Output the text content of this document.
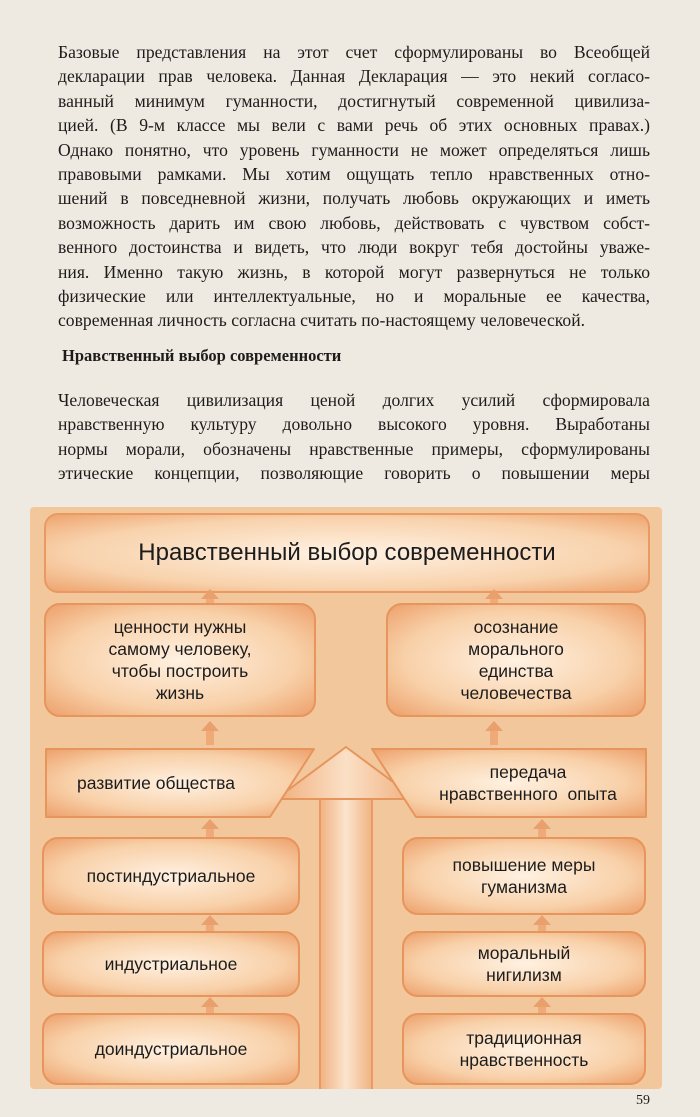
Базовые представления на этот счет сформулированы во Всеобщей
декларации прав человека. Данная Декларация — это некий согласо-
ванный минимум гуманности, достигнутый современной цивилиза-
цией. (В 9-м классе мы вели с вами речь об этих основных правах.)
Однако понятно, что уровень гуманности не может определяться лишь
правовыми рамками. Мы хотим ощущать тепло нравственных отно-
шений в повседневной жизни, получать любовь окружающих и иметь
возможность дарить им свою любовь, действовать с чувством собст-
венного достоинства и видеть, что люди вокруг тебя достойны уваже-
ния. Именно такую жизнь, в которой могут развернуться не только
физические или интеллектуальные, но и моральные ее качества,
современная личность согласна считать по-настоящему человеческой.

Нравственный выбор современности

Человеческая цивилизация ценой долгих усилий сформировала
нравственную культуру довольно высокого уровня. Выработаны
нормы морали, обозначены нравственные примеры, сформулированы
этические концепции, позволяющие говорить о повышении меры
Нравственный выбор современности
ценности нужны
самому человеку,
чтобы построить
жизнь
осознание
морального
единства
человечества
развитие общества
передача
нравственного  опыта
постиндустриальное
индустриальное
доиндустриальное
повышение меры
гуманизма
моральный
нигилизм
традиционная
нравственность

59
